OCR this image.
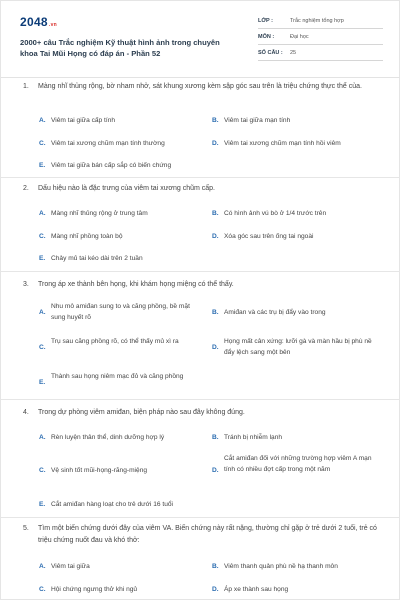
2048.vn
2000+ câu Trắc nghiệm Kỹ thuật hình ảnh trong chuyên khoa Tai Mũi Họng có đáp án - Phần 52
LỚP :	Trắc nghiệm tổng hợp
MÔN :	Đại học
SỐ CÂU :	25
1.	Màng nhĩ thủng rộng, bờ nham nhở, sát khung xương kèm sập góc sau trên là triệu chứng thực thể của.
A. Viêm tai giữa cấp tính	B. Viêm tai giữa mạn tính
C. Viêm tai xương chũm mạn tính thường	D. Viêm tai xương chũm mạn tính hồi viêm
E. Viêm tai giữa bán cấp sắp có biến chứng
2.	Dấu hiệu nào là đặc trưng của viêm tai xương chũm cấp.
A. Màng nhĩ thủng rộng ở trung tâm	B. Có hình ảnh vú bò ở 1/4 trước trên
C. Màng nhĩ phồng toàn bộ	D. Xóa góc sau trên ống tai ngoài
E. Chảy mủ tai kéo dài trên 2 tuần
3.	Trong áp xe thành bên họng, khi khám họng miệng có thể thấy.
A.
Nhu mô amiđan sung to và căng phồng, bề mặt sung huyết rõ
B. Amiđan và các trụ bị đẩy vào trong
C.
Trụ sau căng phồng rõ, có thể thấy mủ xì ra
D.
Họng mất cân xứng: lưỡi gà và màn hầu bị phù nề đẩy lệch sang một bên
E.
Thành sau họng niêm mạc đỏ và căng phồng
4.	Trong dự phòng viêm amiđan, biện pháp nào sau đây không đúng.
A. Rèn luyện thân thể, dinh dưỡng hợp lý	B. Tránh bị nhiễm lạnh
C. Vệ sinh tốt mũi-họng-răng-miệng	D.
Cắt amiđan đối với những trường hợp viêm A mạn tính có nhiều đợt cấp trong một năm
E. Cắt amiđan hàng loạt cho trẻ dưới 16 tuổi
5.	Tìm một biến chứng dưới đây của viêm VA. Biến chứng này rất nặng, thường chỉ gặp ở trẻ dưới 2 tuổi, trẻ có triệu chứng nuốt đau và khó thở:
A. Viêm tai giữa	B. Viêm thanh quản phù nề hạ thanh môn
C. Hội chứng ngưng thở khi ngủ	D. Áp xe thành sau họng
